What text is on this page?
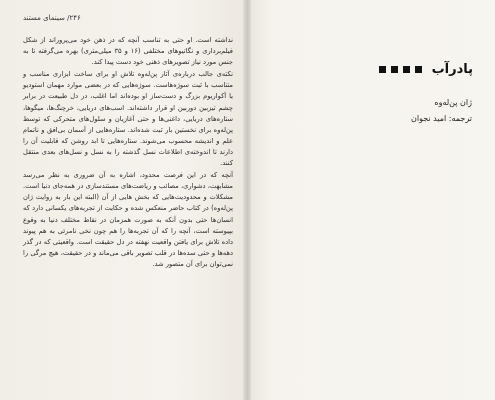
۲۴۶/ سینمای مستند

نداشته است. او حتی به تناسب آنچه که در ذهن خود می‌پروراند از شکل فیلم‌برداری و نگاتیوهای مختلفی (۱۶ و ۳۵ میلی‌متری) بهره می‌گرفته تا به جنس مورد نیاز تصویرهای ذهنی خود دست پیدا کند.

نکته‌ی جالب درباره‌ی آثار پن‌له‌وه تلاش او برای ساخت ابزاری مناسب و متناسب با ثبت سوژه‌هاست. سوژه‌هایی که در بعضی موارد مهمان استودیو یا آکواریوم بزرگ و دست‌ساز او بوده‌اند اما اغلب، در دل طبیعت در برابر چشم تیزبین دوربین او قرار داشته‌اند. اسب‌های دریایی، خرچنگ‌ها، میگوها، ستاره‌های دریایی، داغنی‌ها و حتی آغازیان و سلول‌های متحرکی که توسط پن‌له‌وه برای نخستین بار ثبت شده‌اند. ستاره‌هایی از آسمان بی‌افق و ناتمام علم و اندیشه محسوب می‌شوند. ستاره‌هایی تا ابد روشن که قابلیت آن را دارند تا اندوخته‌ی اطلاعات نسل گذشته را به نسل و نسل‌های بعدی منتقل کنند.

آنچه که در این فرصت محدود، اشاره به آن ضروری به نظر می‌رسد مشابهت، دشواری، مصائب و ریاضت‌های مستندسازی در همه‌جای دنیا است. مشکلات و محدودیت‌هایی که بخش هایی از آن (البته این بار به روایت ژان پن‌له‌وه) در کتاب حاضر منعکس شده و حکایت از تجربه‌های یکسانی دارد که انسان‌ها حتی بدون آنکه به صورت همزمان در نقاط مختلف دنیا به وقوع بپیوسته است، آنچه را که آن تجربه‌ها را هم چون نخی نامرئی به هم پیوند داده تلاش برای یافتن واقعیت نهفته در دل حقیقت است. واقعیتی که در گذر دهه‌ها و حتی سده‌ها در قلب تصویر باقی می‌ماند و در حقیقت، هیچ مرگی را نمی‌توان برای آن متصور شد.

پادرآب
ژان پن‌له‌وه
ترجمه: امید نجوان
